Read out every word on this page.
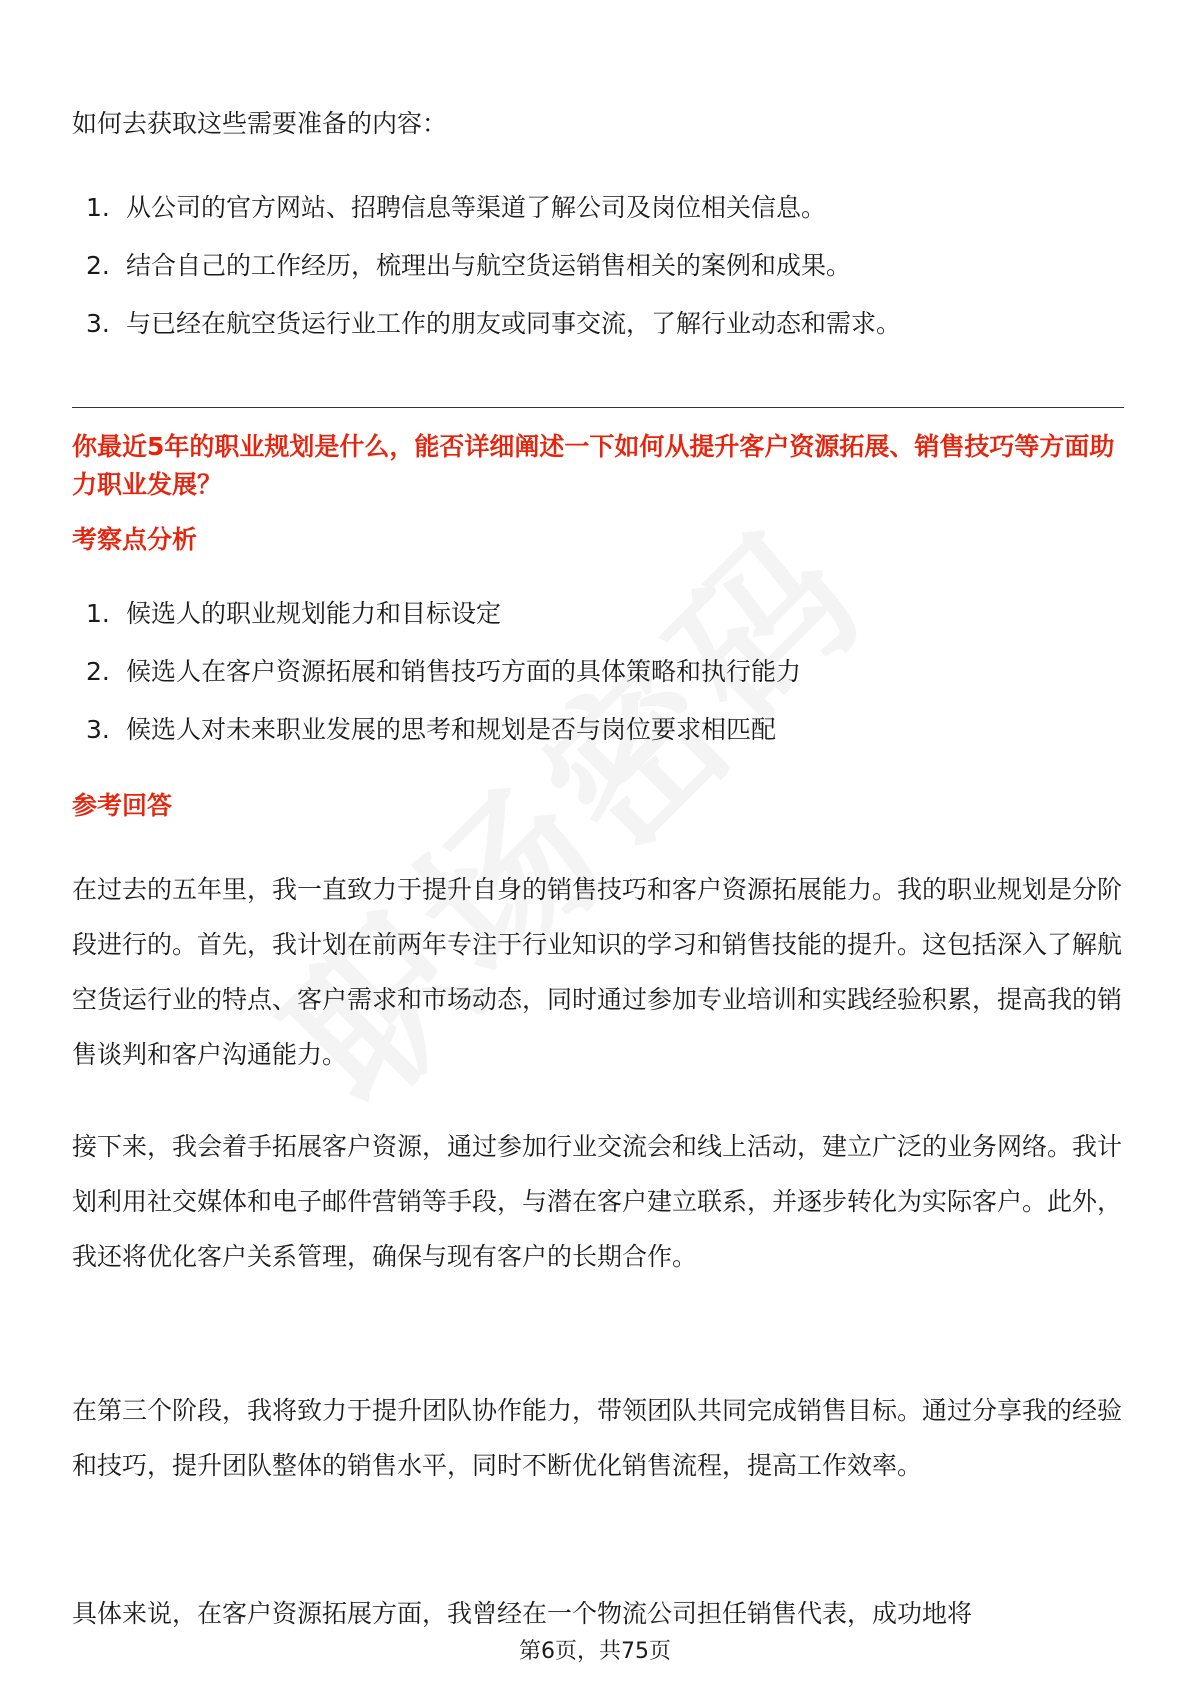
如何去获取这些需要准备的内容：
1. 从公司的官方网站、招聘信息等渠道了解公司及岗位相关信息。
2. 结合自己的工作经历，梳理出与航空货运销售相关的案例和成果。
3. 与已经在航空货运行业工作的朋友或同事交流，了解行业动态和需求。
你最近5年的职业规划是什么，能否详细阐述一下如何从提升客户资源拓展、销售技巧等方面助力职业发展？
考察点分析
1. 候选人的职业规划能力和目标设定
2. 候选人在客户资源拓展和销售技巧方面的具体策略和执行能力
3. 候选人对未来职业发展的思考和规划是否与岗位要求相匹配
参考回答

在过去的五年里，我一直致力于提升自身的销售技巧和客户资源拓展能力。我的职业规划是分阶段进行的。首先，我计划在前两年专注于行业知识的学习和销售技能的提升。这包括深入了解航空货运行业的特点、客户需求和市场动态，同时通过参加专业培训和实践经验积累，提高我的销售谈判和客户沟通能力。

接下来，我会着手拓展客户资源，通过参加行业交流会和线上活动，建立广泛的业务网络。我计划利用社交媒体和电子邮件营销等手段，与潜在客户建立联系，并逐步转化为实际客户。此外，我还将优化客户关系管理，确保与现有客户的长期合作。

在第三个阶段，我将致力于提升团队协作能力，带领团队共同完成销售目标。通过分享我的经验和技巧，提升团队整体的销售水平，同时不断优化销售流程，提高工作效率。

具体来说，在客户资源拓展方面，我曾经在一个物流公司担任销售代表，成功地将

第6页，共75页
